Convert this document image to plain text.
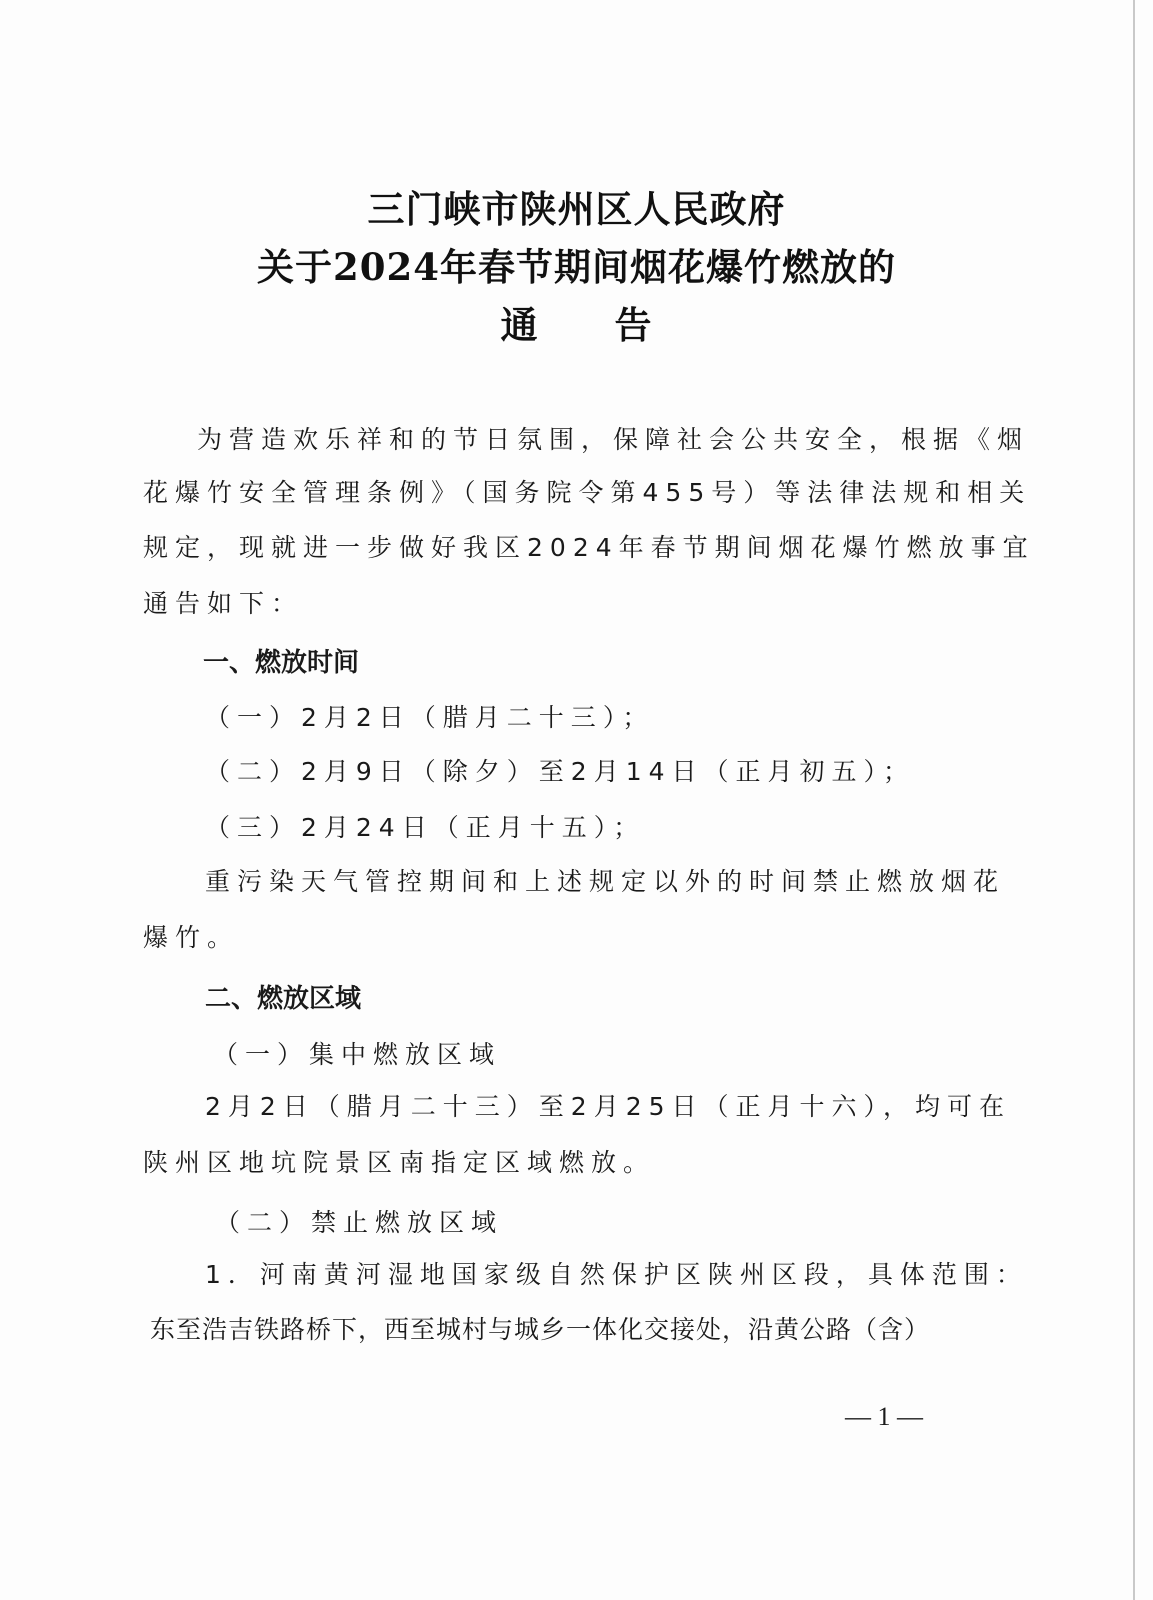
三门峡市陕州区人民政府
关于2024年春节期间烟花爆竹燃放的
通　　告
为营造欢乐祥和的节日氛围，保障社会公共安全，根据《烟
花爆竹安全管理条例》（国务院令第455号）等法律法规和相关
规定，现就进一步做好我区2024年春节期间烟花爆竹燃放事宜
通告如下：
一、燃放时间
（一）2月2日（腊月二十三）；
（二）2月9日（除夕）至2月14日（正月初五）；
（三）2月24日（正月十五）；
重污染天气管控期间和上述规定以外的时间禁止燃放烟花
爆竹。
二、燃放区域
（一）集中燃放区域
2月2日（腊月二十三）至2月25日（正月十六），均可在
陕州区地坑院景区南指定区域燃放。
（二）禁止燃放区域
1．河南黄河湿地国家级自然保护区陕州区段，具体范围：
东至浩吉铁路桥下，西至城村与城乡一体化交接处，沿黄公路（含）
— 1 —
